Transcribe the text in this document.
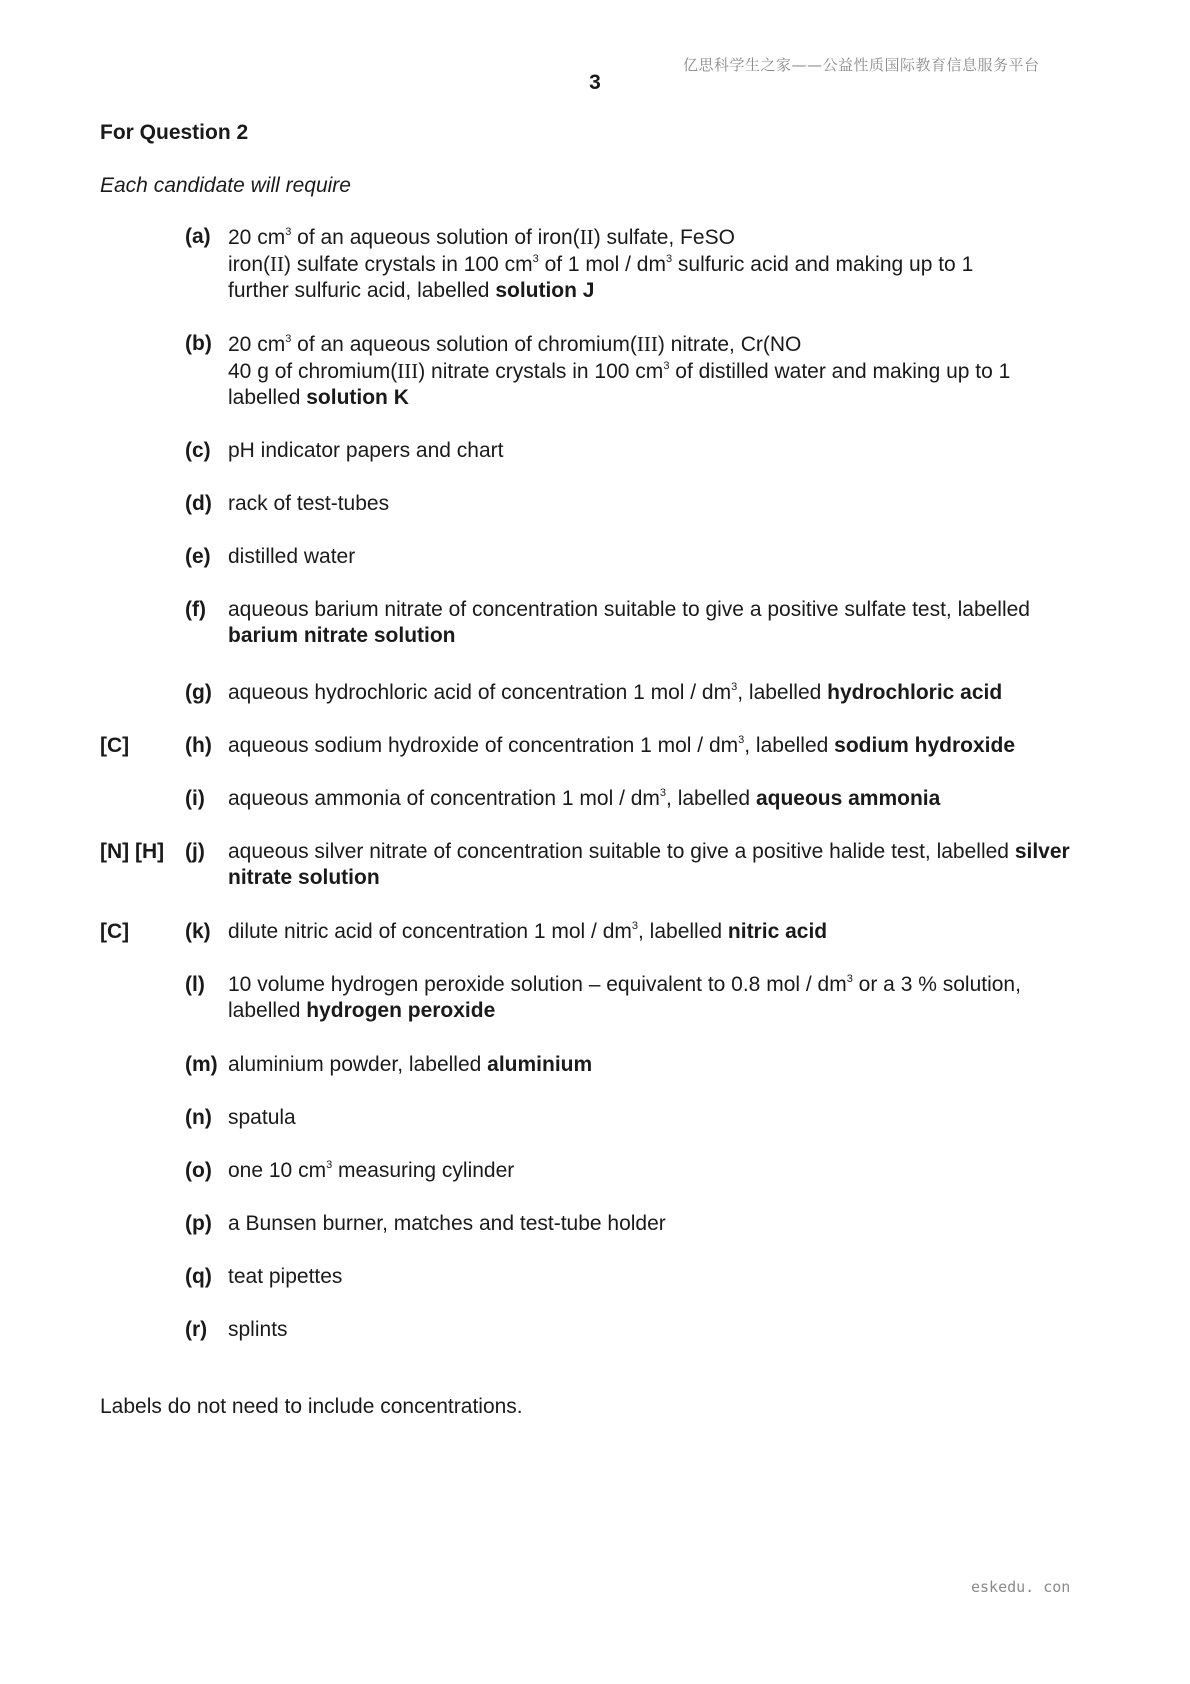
亿思科学生之家——公益性质国际教育信息服务平台
3
For Question 2
Each candidate will require
(a) 20 $cm^3$ of an aqueous solution of iron(II) sulfate, FeSO
iron(II) sulfate crystals in 100 $cm^3$ of 1 mol / $dm^3$ sulfuric acid and making up to 1
further sulfuric acid, labelled solution J
(b) 20 $cm^3$ of an aqueous solution of chromium(III) nitrate, Cr(NO
40 g of chromium(III) nitrate crystals in 100 $cm^3$ of distilled water and making up to 1
labelled solution K
(c) pH indicator papers and chart
(d) rack of test-tubes
(e) distilled water
(f)	aqueous barium nitrate of concentration suitable to give a positive sulfate test, labelled
barium nitrate solution
(g) aqueous hydrochloric acid of concentration 1 mol / $dm^3$, labelled hydrochloric acid
[C]	(h) aqueous sodium hydroxide of concentration 1 mol / $dm^3$, labelled sodium hydroxide
(i)	aqueous ammonia of concentration 1 mol / $dm^3$, labelled aqueous ammonia
[N] [H] (j)	aqueous silver nitrate of concentration suitable to give a positive halide test, labelled silver
nitrate solution
[C]	(k) dilute nitric acid of concentration 1 mol / $dm^3$, labelled nitric acid
(l)	10 volume hydrogen peroxide solution – equivalent to 0.8 mol / $dm^3$ or a 3 % solution,
labelled hydrogen peroxide
(m) aluminium powder, labelled aluminium
(n) spatula
(o) one 10 $cm^3$ measuring cylinder
(p) a Bunsen burner, matches and test-tube holder
(q) teat pipettes
(r) splints
Labels do not need to include concentrations.
eskedu. con
